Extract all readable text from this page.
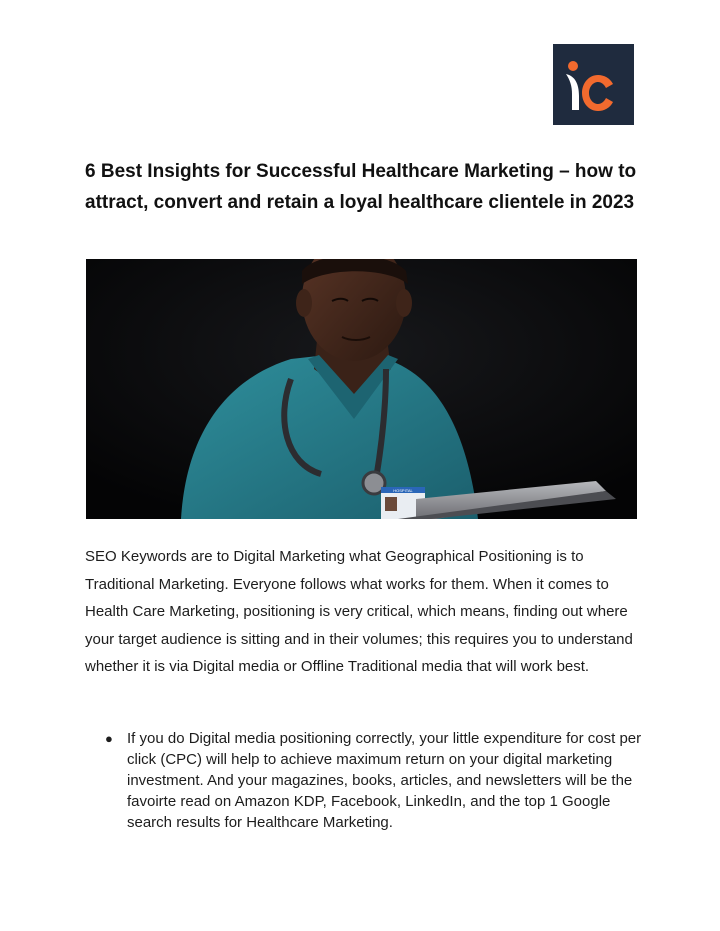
6 Best Insights for Successful Healthcare Marketing – how to attract, convert and retain a loyal healthcare clientele in 2023
HOSPITAL

SEO Keywords are to Digital Marketing what Geographical Positioning is to Traditional Marketing. Everyone follows what works for them. When it comes to Health Care Marketing, positioning is very critical, which means, finding out where your target audience is sitting and in their volumes; this requires you to understand whether it is via Digital media or Offline Traditional media that will work best.

● If you do Digital media positioning correctly, your little expenditure for cost per click (CPC) will help to achieve maximum return on your digital marketing investment. And your magazines, books, articles, and newsletters will be the favoirte read on Amazon KDP, Facebook, LinkedIn, and the top 1 Google search results for Healthcare Marketing.
